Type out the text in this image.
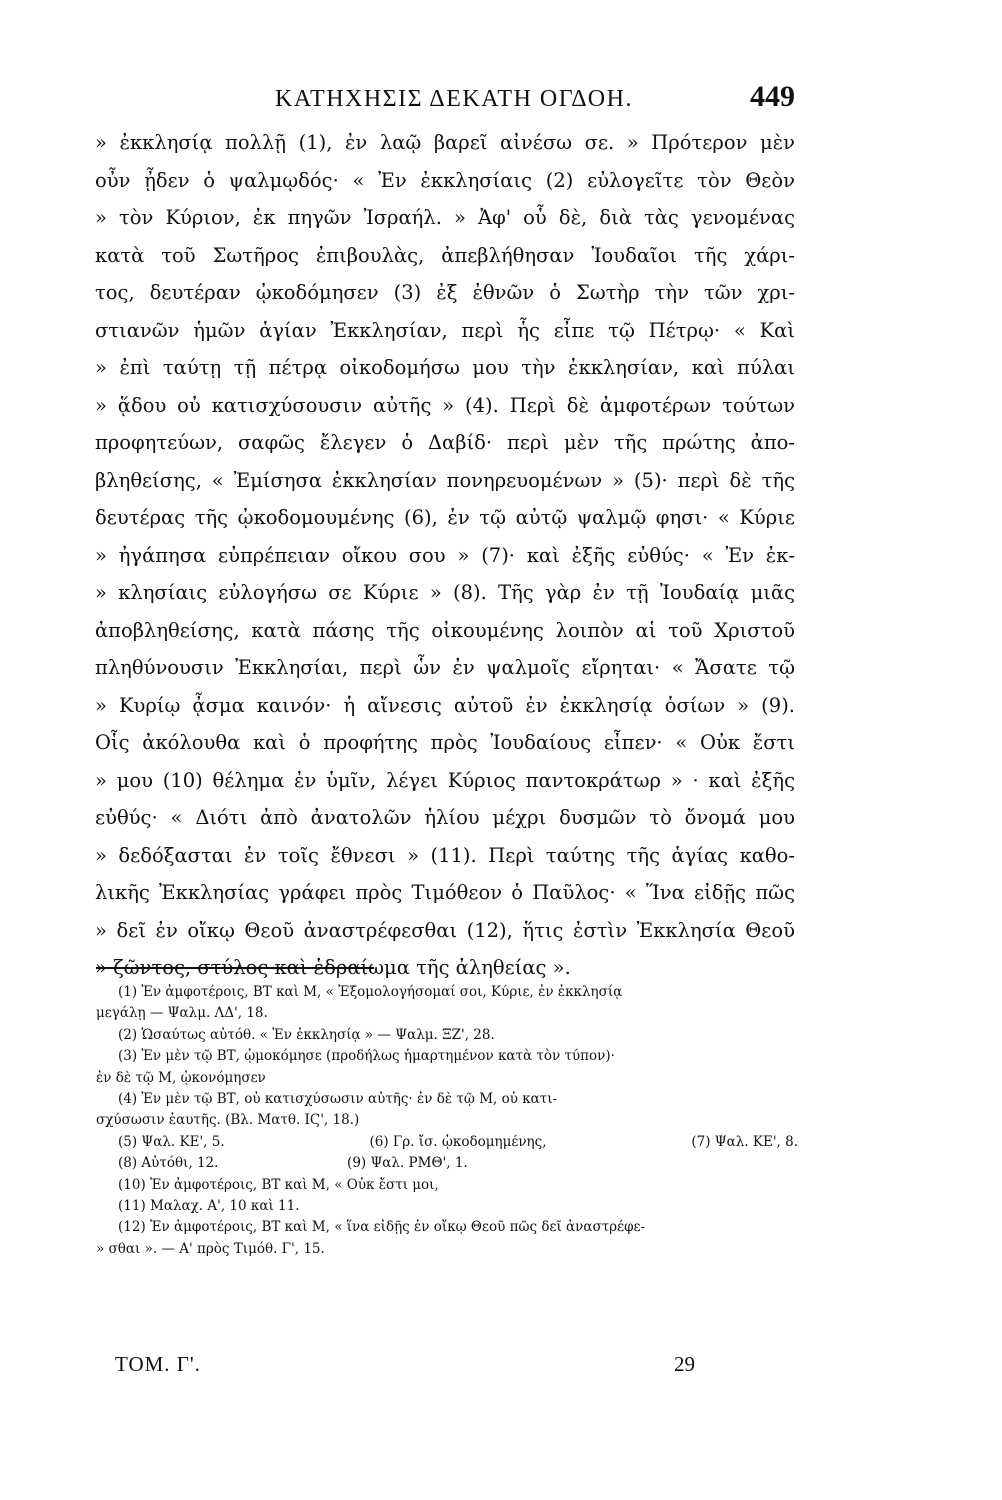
ΚΑΤΗΧΗΣΙΣ ΔΕΚΑΤΗ ΟΓΔΟΗ.	449
» ἐκκλησίᾳ πολλῇ (1), ἐν λαῷ βαρεῖ αἰνέσω σε. » Πρότερον μὲν
οὖν ᾖδεν ὁ ψαλμῳδός· « Ἐν ἐκκλησίαις (2) εὐλογεῖτε τὸν Θεὸν
» τὸν Κύριον, ἐκ πηγῶν Ἰσραήλ. » Ἀφ' οὗ δὲ, διὰ τὰς γενομένας
κατὰ τοῦ Σωτῆρος ἐπιβουλὰς, ἀπεβλήθησαν Ἰουδαῖοι τῆς χάρι-
τος, δευτέραν ᾠκοδόμησεν (3) ἐξ ἐθνῶν ὁ Σωτὴρ τὴν τῶν χρι-
στιανῶν ἡμῶν ἁγίαν Ἐκκλησίαν, περὶ ἧς εἶπε τῷ Πέτρῳ· « Καὶ
» ἐπὶ ταύτῃ τῇ πέτρᾳ οἰκοδομήσω μου τὴν ἐκκλησίαν, καὶ πύλαι
» ᾅδου οὐ κατισχύσουσιν αὐτῆς » (4). Περὶ δὲ ἀμφοτέρων τούτων
προφητεύων, σαφῶς ἔλεγεν ὁ Δαβίδ· περὶ μὲν τῆς πρώτης ἀπο-
βληθείσης, « Ἐμίσησα ἐκκλησίαν πονηρευομένων » (5)· περὶ δὲ τῆς
δευτέρας τῆς ᾠκοδομουμένης (6), ἐν τῷ αὐτῷ ψαλμῷ φησι· « Κύριε
» ἠγάπησα εὐπρέπειαν οἴκου σου » (7)· καὶ ἐξῆς εὐθύς· « Ἐν ἐκ-
» κλησίαις εὐλογήσω σε Κύριε » (8). Τῆς γὰρ ἐν τῇ Ἰουδαίᾳ μιᾶς
ἀποβληθείσης, κατὰ πάσης τῆς οἰκουμένης λοιπὸν αἱ τοῦ Χριστοῦ
πληθύνουσιν Ἐκκλησίαι, περὶ ὧν ἐν ψαλμοῖς εἴρηται· « Ἄσατε τῷ
» Κυρίῳ ᾆσμα καινόν· ἡ αἴνεσις αὐτοῦ ἐν ἐκκλησίᾳ ὁσίων » (9).
Οἷς ἀκόλουθα καὶ ὁ προφήτης πρὸς Ἰουδαίους εἶπεν· « Οὐκ ἔστι
» μου (10) θέλημα ἐν ὑμῖν, λέγει Κύριος παντοκράτωρ » · καὶ ἐξῆς
εὐθύς· « Διότι ἀπὸ ἀνατολῶν ἡλίου μέχρι δυσμῶν τὸ ὄνομά μου
» δεδόξασται ἐν τοῖς ἔθνεσι » (11). Περὶ ταύτης τῆς ἁγίας καθο-
λικῆς Ἐκκλησίας γράφει πρὸς Τιμόθεον ὁ Παῦλος· « Ἵνα εἰδῇς πῶς
» δεῖ ἐν οἴκῳ Θεοῦ ἀναστρέφεσθαι (12), ἥτις ἐστὶν Ἐκκλησία Θεοῦ
» ζῶντος, στύλος καὶ ἑδραίωμα τῆς ἀληθείας ».
(1) Ἐν ἀμφοτέροις, ΒΤ καὶ Μ, « Ἐξομολογήσομαί σοι, Κύριε, ἐν ἐκκλησίᾳ
μεγάλῃ — Ψαλμ. ΛΔ', 18.
(2) Ὡσαύτως αὐτόθ. « Ἐν ἐκκλησίᾳ » — Ψαλμ. ΞΖ', 28.
(3) Ἐν μὲν τῷ ΒΤ, ᾠμοκόμησε (προδήλως ἡμαρτημένον κατὰ τὸν τύπον)·
ἐν δὲ τῷ Μ, ᾠκονόμησεν
(4) Ἐν μὲν τῷ ΒΤ, οὐ κατισχύσωσιν αὐτῆς· ἐν δὲ τῷ Μ, οὐ κατι-
σχύσωσιν ἑαυτῆς. (Βλ. Ματθ. ΙϚ', 18.)
(5) Ψαλ. ΚΕ', 5.	(6) Γρ. ἴσ. ᾠκοδομημένης,	(7) Ψαλ. ΚΕ', 8.
(8) Αὐτόθι, 12.	(9) Ψαλ. ΡΜΘ', 1.
(10) Ἐν ἀμφοτέροις, ΒΤ καὶ Μ, « Οὐκ ἔστι μοι,
(11) Μαλαχ. Α', 10 καὶ 11.
(12) Ἐν ἀμφοτέροις, ΒΤ καὶ Μ, « ἵνα εἰδῇς ἐν οἴκῳ Θεοῦ πῶς δεῖ ἀναστρέφε-
» σθαι ». — Α' πρὸς Τιμόθ. Γ', 15.
ΤΟΜ. Γ'.	29
